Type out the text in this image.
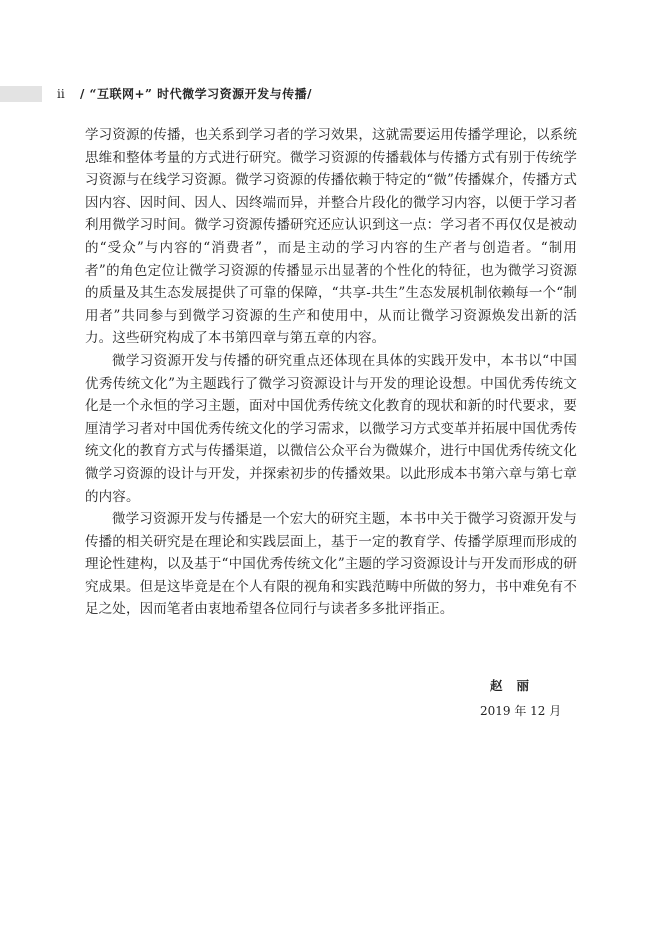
ii / “互联网+” 时代微学习资源开发与传播/

学习资源的传播，也关系到学习者的学习效果，这就需要运用传播学理论，以系统思维和整体考量的方式进行研究。微学习资源的传播载体与传播方式有别于传统学习资源与在线学习资源。微学习资源的传播依赖于特定的“微”传播媒介，传播方式因内容、因时间、因人、因终端而异，并整合片段化的微学习内容，以便于学习者利用微学习时间。微学习资源传播研究还应认识到这一点：学习者不再仅仅是被动的“受众”与内容的“消费者”，而是主动的学习内容的生产者与创造者。“制用者”的角色定位让微学习资源的传播显示出显著的个性化的特征，也为微学习资源的质量及其生态发展提供了可靠的保障，“共享-共生”生态发展机制依赖每一个“制用者”共同参与到微学习资源的生产和使用中，从而让微学习资源焕发出新的活力。这些研究构成了本书第四章与第五章的内容。

微学习资源开发与传播的研究重点还体现在具体的实践开发中，本书以“中国优秀传统文化”为主题践行了微学习资源设计与开发的理论设想。中国优秀传统文化是一个永恒的学习主题，面对中国优秀传统文化教育的现状和新的时代要求，要厘清学习者对中国优秀传统文化的学习需求，以微学习方式变革并拓展中国优秀传统文化的教育方式与传播渠道，以微信公众平台为微媒介，进行中国优秀传统文化微学习资源的设计与开发，并探索初步的传播效果。以此形成本书第六章与第七章的内容。

微学习资源开发与传播是一个宏大的研究主题，本书中关于微学习资源开发与传播的相关研究是在理论和实践层面上，基于一定的教育学、传播学原理而形成的理论性建构，以及基于“中国优秀传统文化”主题的学习资源设计与开发而形成的研究成果。但是这毕竟是在个人有限的视角和实践范畴中所做的努力，书中难免有不足之处，因而笔者由衷地希望各位同行与读者多多批评指正。

赵丽
2019 年 12 月
